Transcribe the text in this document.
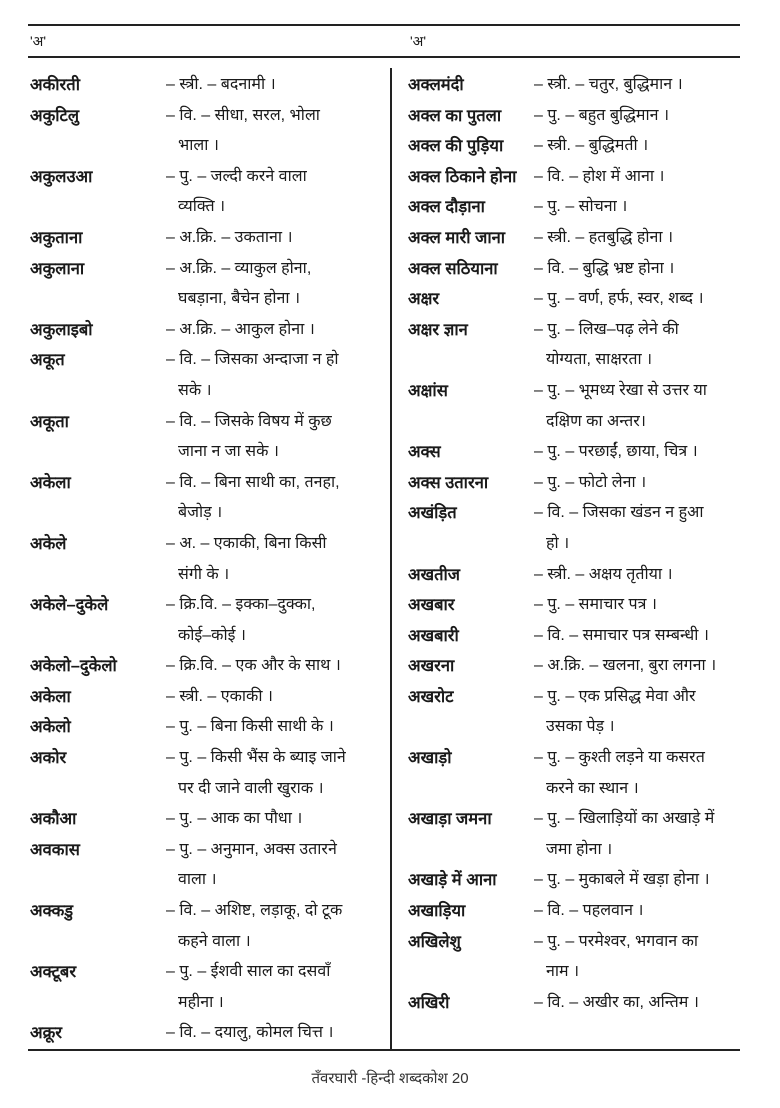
'अ'	'अ'
अकीरती	– स्त्री. – बदनामी ।
अकुटिलु	– वि. – सीधा, सरल, भोला
भाला ।
अकुलउआ	– पु. – जल्दी करने वाला
व्यक्ति ।
अकुताना	– अ.क्रि. – उकताना ।
अकुलाना	– अ.क्रि. – व्याकुल होना,
घबड़ाना, बैचेन होना ।
अकुलाइबो	– अ.क्रि. – आकुल होना ।
अकूत	– वि. – जिसका अन्दाजा न हो
सके ।
अकूता	– वि. – जिसके विषय में कुछ
जाना न जा सके ।
अकेला	– वि. – बिना साथी का, तनहा,
बेजोड़ ।
अकेले	– अ. – एकाकी, बिना किसी
संगी के ।
अकेले–दुकेले	– क्रि.वि. – इक्का–दुक्का,
कोई–कोई ।
अकेलो–दुकेलो	– क्रि.वि. – एक और के साथ ।
अकेला	– स्त्री. – एकाकी ।
अकेलो	– पु. – बिना किसी साथी के ।
अकोर	– पु. – किसी भैंस के ब्याइ जाने
पर दी जाने वाली खुराक ।
अकौआ	– पु. – आक का पौधा ।
अवकास	– पु. – अनुमान, अक्स उतारने
वाला ।
अक्कडु	– वि. – अशिष्ट, लड़ाकू, दो टूक
कहने वाला ।
अक्टूबर	– पु. – ईशवी साल का दसवाँ
महीना ।
अक्रूर	– वि. – दयालु, कोमल चित्त ।
अक्लमंदी	– स्त्री. – चतुर, बुद्धिमान ।
अक्ल का पुतला	– पु. – बहुत बुद्धिमान ।
अक्ल की पुड़िया	– स्त्री. – बुद्धिमती ।
अक्ल ठिकाने होना	– वि. – होश में आना ।
अक्ल दौड़ाना	– पु. – सोचना ।
अक्ल मारी जाना	– स्त्री. – हतबुद्धि होना ।
अक्ल सठियाना	– वि. – बुद्धि भ्रष्ट होना ।
अक्षर	– पु. – वर्ण, हर्फ, स्वर, शब्द ।
अक्षर ज्ञान	– पु. – लिख–पढ़ लेने की
योग्यता, साक्षरता ।
अक्षांस	– पु. – भूमध्य रेखा से उत्तर या
दक्षिण का अन्तर।
अक्स	– पु. – परछाईं, छाया, चित्र ।
अक्स उतारना	– पु. – फोटो लेना ।
अखंड़ित	– वि. – जिसका खंडन न हुआ
हो ।
अखतीज	– स्त्री. – अक्षय तृतीया ।
अखबार	– पु. – समाचार पत्र ।
अखबारी	– वि. – समाचार पत्र सम्बन्धी ।
अखरना	– अ.क्रि. – खलना, बुरा लगना ।
अखरोट	– पु. – एक प्रसिद्ध मेवा और
उसका पेड़ ।
अखाड़ो	– पु. – कुश्ती लड़ने या कसरत
करने का स्थान ।
अखाड़ा जमना	– पु. – खिलाड़ियों का अखाड़े में
जमा होना ।
अखाड़े में आना	– पु. – मुकाबले में खड़ा होना ।
अखाड़िया	– वि. – पहलवान ।
अखिलेशु	– पु. – परमेश्वर, भगवान का
नाम ।
अखिरी	– वि. – अखीर का, अन्तिम ।
तँवरघारी -हिन्दी शब्दकोश 20
